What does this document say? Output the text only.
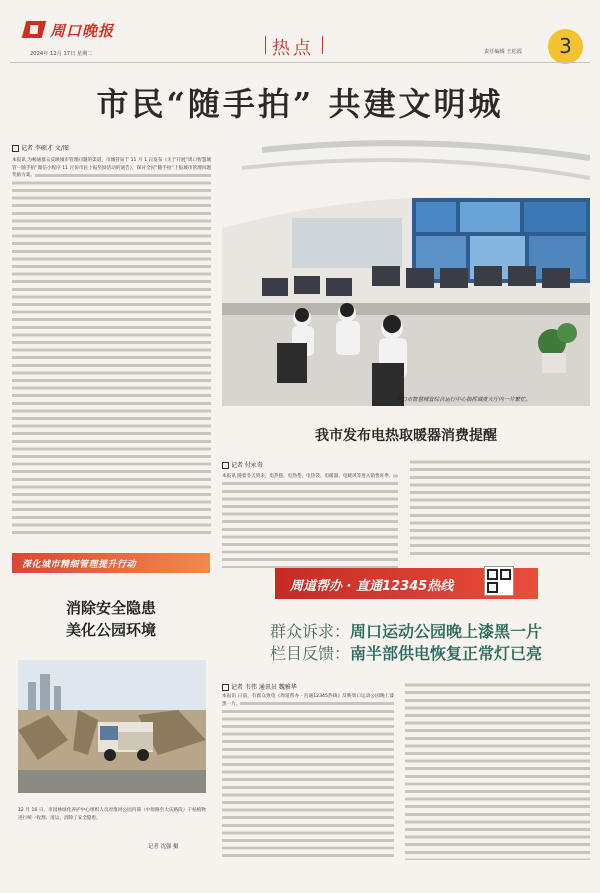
周口晚报
2024年 12月 17日 星期二	热点	责任编辑 王松霞	3
市民“随手拍” 共建文明城
记者 李硕才 文/图
本报讯 为畅通群众反映城市管理问题的渠道，市城管局于 11 月 1 日发布《关于开展“周口智慧城管一随手拍”微信小程序 11 月份市民上报奖励活动的通告》，探讨全民“随手拍”上报城市管理问题奖励方案。
周口市智慧城管综合运行中心指挥调度大厅内一片繁忙。
我市发布电热取暖器消费提醒
记者 付永奇
本报讯 随着冬天到来，电热毯、电热垫、电热袋、电暖器、电暖风等进入销售旺季。
深化城市精细管理提升行动
消除安全隐患
美化公园环境
12 月 16 日，市园林绿化养护中心组织人员对淮河公园内部（中原路至大庆路段）干枯植物进行统一收割、清运，消除了安全隐患。
记者 沈强 摄
周道帮办 · 直通12345热线
群众诉求：周口运动公园晚上漆黑一片
栏目反馈：南半部供电恢复正常灯已亮
记者 韦伟 通讯员 魏雅华
本报讯 日前，有群众致电《周道帮办 · 直通12345热线》反映周口运动公园晚上漆黑一片。
